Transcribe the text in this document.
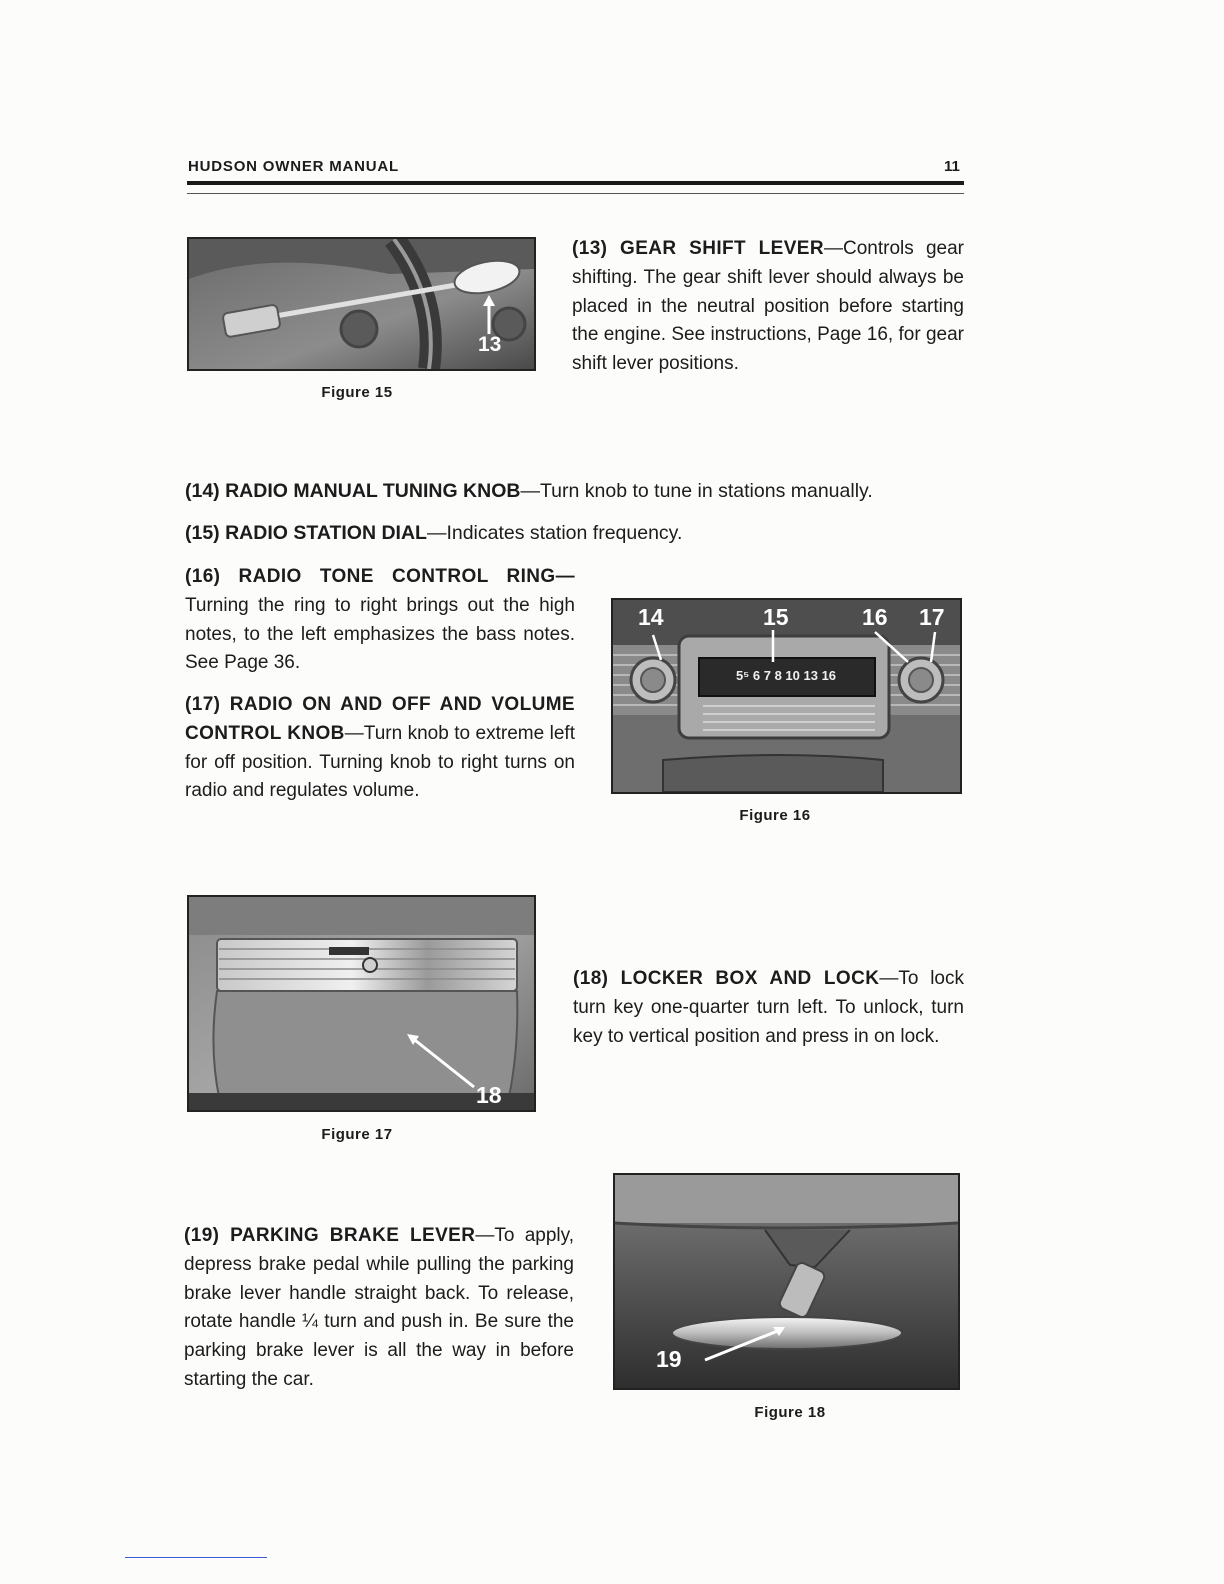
HUDSON OWNER MANUAL	11
13
Figure 15
(13) GEAR SHIFT LEVER—Controls gear shifting. The gear shift lever should always be placed in the neutral position before starting the engine. See instructions, Page 16, for gear shift lever positions.
(14) RADIO MANUAL TUNING KNOB—Turn knob to tune in stations manually.
(15) RADIO STATION DIAL—Indicates station frequency.
(16) RADIO TONE CONTROL RING— Turning the ring to right brings out the high notes, to the left emphasizes the bass notes. See Page 36.
(17) RADIO ON AND OFF AND VOLUME CONTROL KNOB—Turn knob to extreme left for off position. Turning knob to right turns on radio and regulates volume.
14	15	16 17
5⁵ 6 7 8 10 13 16
Figure 16
18
Figure 17
(18) LOCKER BOX AND LOCK—To lock turn key one-quarter turn left. To unlock, turn key to vertical position and press in on lock.
(19) PARKING BRAKE LEVER—To apply, depress brake pedal while pulling the parking brake lever handle straight back. To release, rotate handle ¼ turn and push in. Be sure the parking brake lever is all the way in before starting the car.
19
Figure 18
